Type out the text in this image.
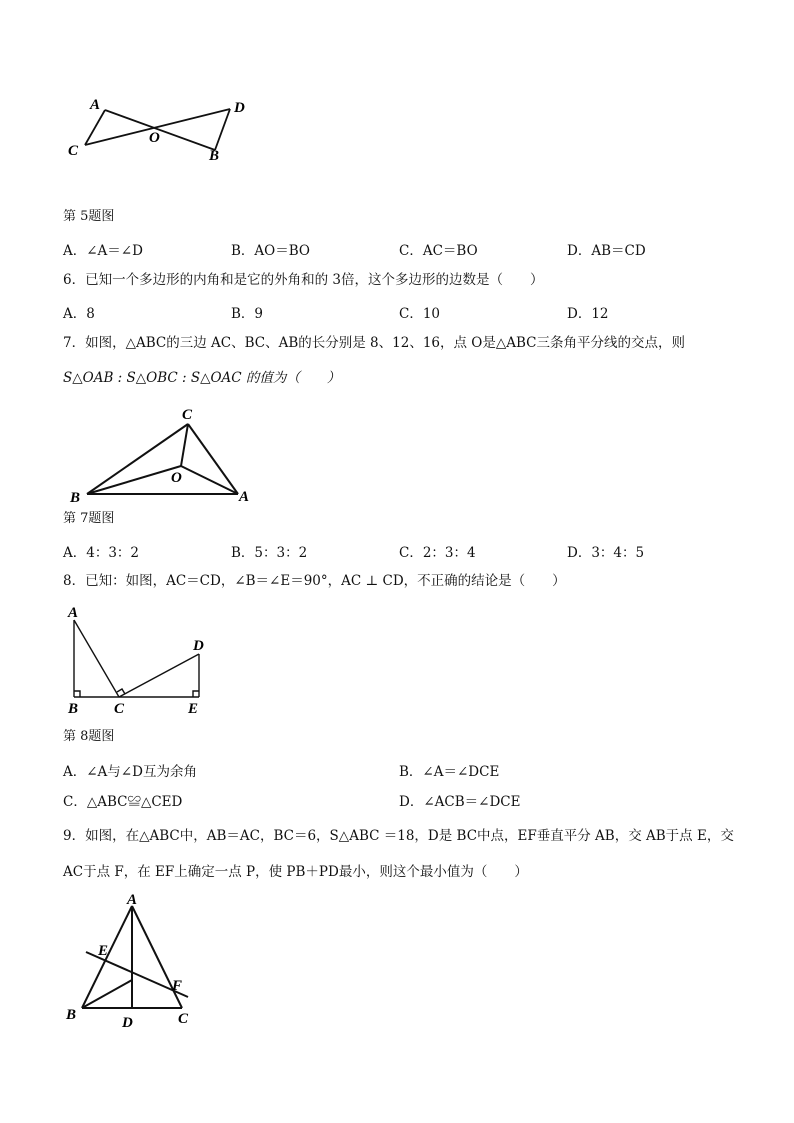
A	D
C
O
B
第 5题图
A．∠A＝∠D	B．AO＝BO	C．AC＝BO	D．AB＝CD
6．已知一个多边形的内角和是它的外角和的 3倍，这个多边形的边数是（　　）
A．8	B．9	C．10	D．12
7．如图，△ABC的三边 AC、BC、AB的长分别是 8、12、16，点 O是△ABC三条角平分线的交点，则
S△OAB : S△OBC : S△OAC 的值为（　　）
C
O
B	A
第 7题图
A．4：3：2	B．5：3：2	C．2：3：4	D．3：4：5
8．已知：如图，AC＝CD，∠B＝∠E＝90°，AC ⊥ CD，不正确的结论是（　　）
A
D
B C	E
第 8题图
A．∠A与∠D互为余角	B．∠A＝∠DCE
C．△ABC≌△CED	D．∠ACB＝∠DCE
9．如图，在△ABC中，AB＝AC，BC＝6，S△ABC ＝18，D是 BC中点，EF垂直平分 AB，交 AB于点 E，交
AC于点 F，在 EF上确定一点 P，使 PB＋PD最小，则这个最小值为（　　）
A
E
F
B	D	C
